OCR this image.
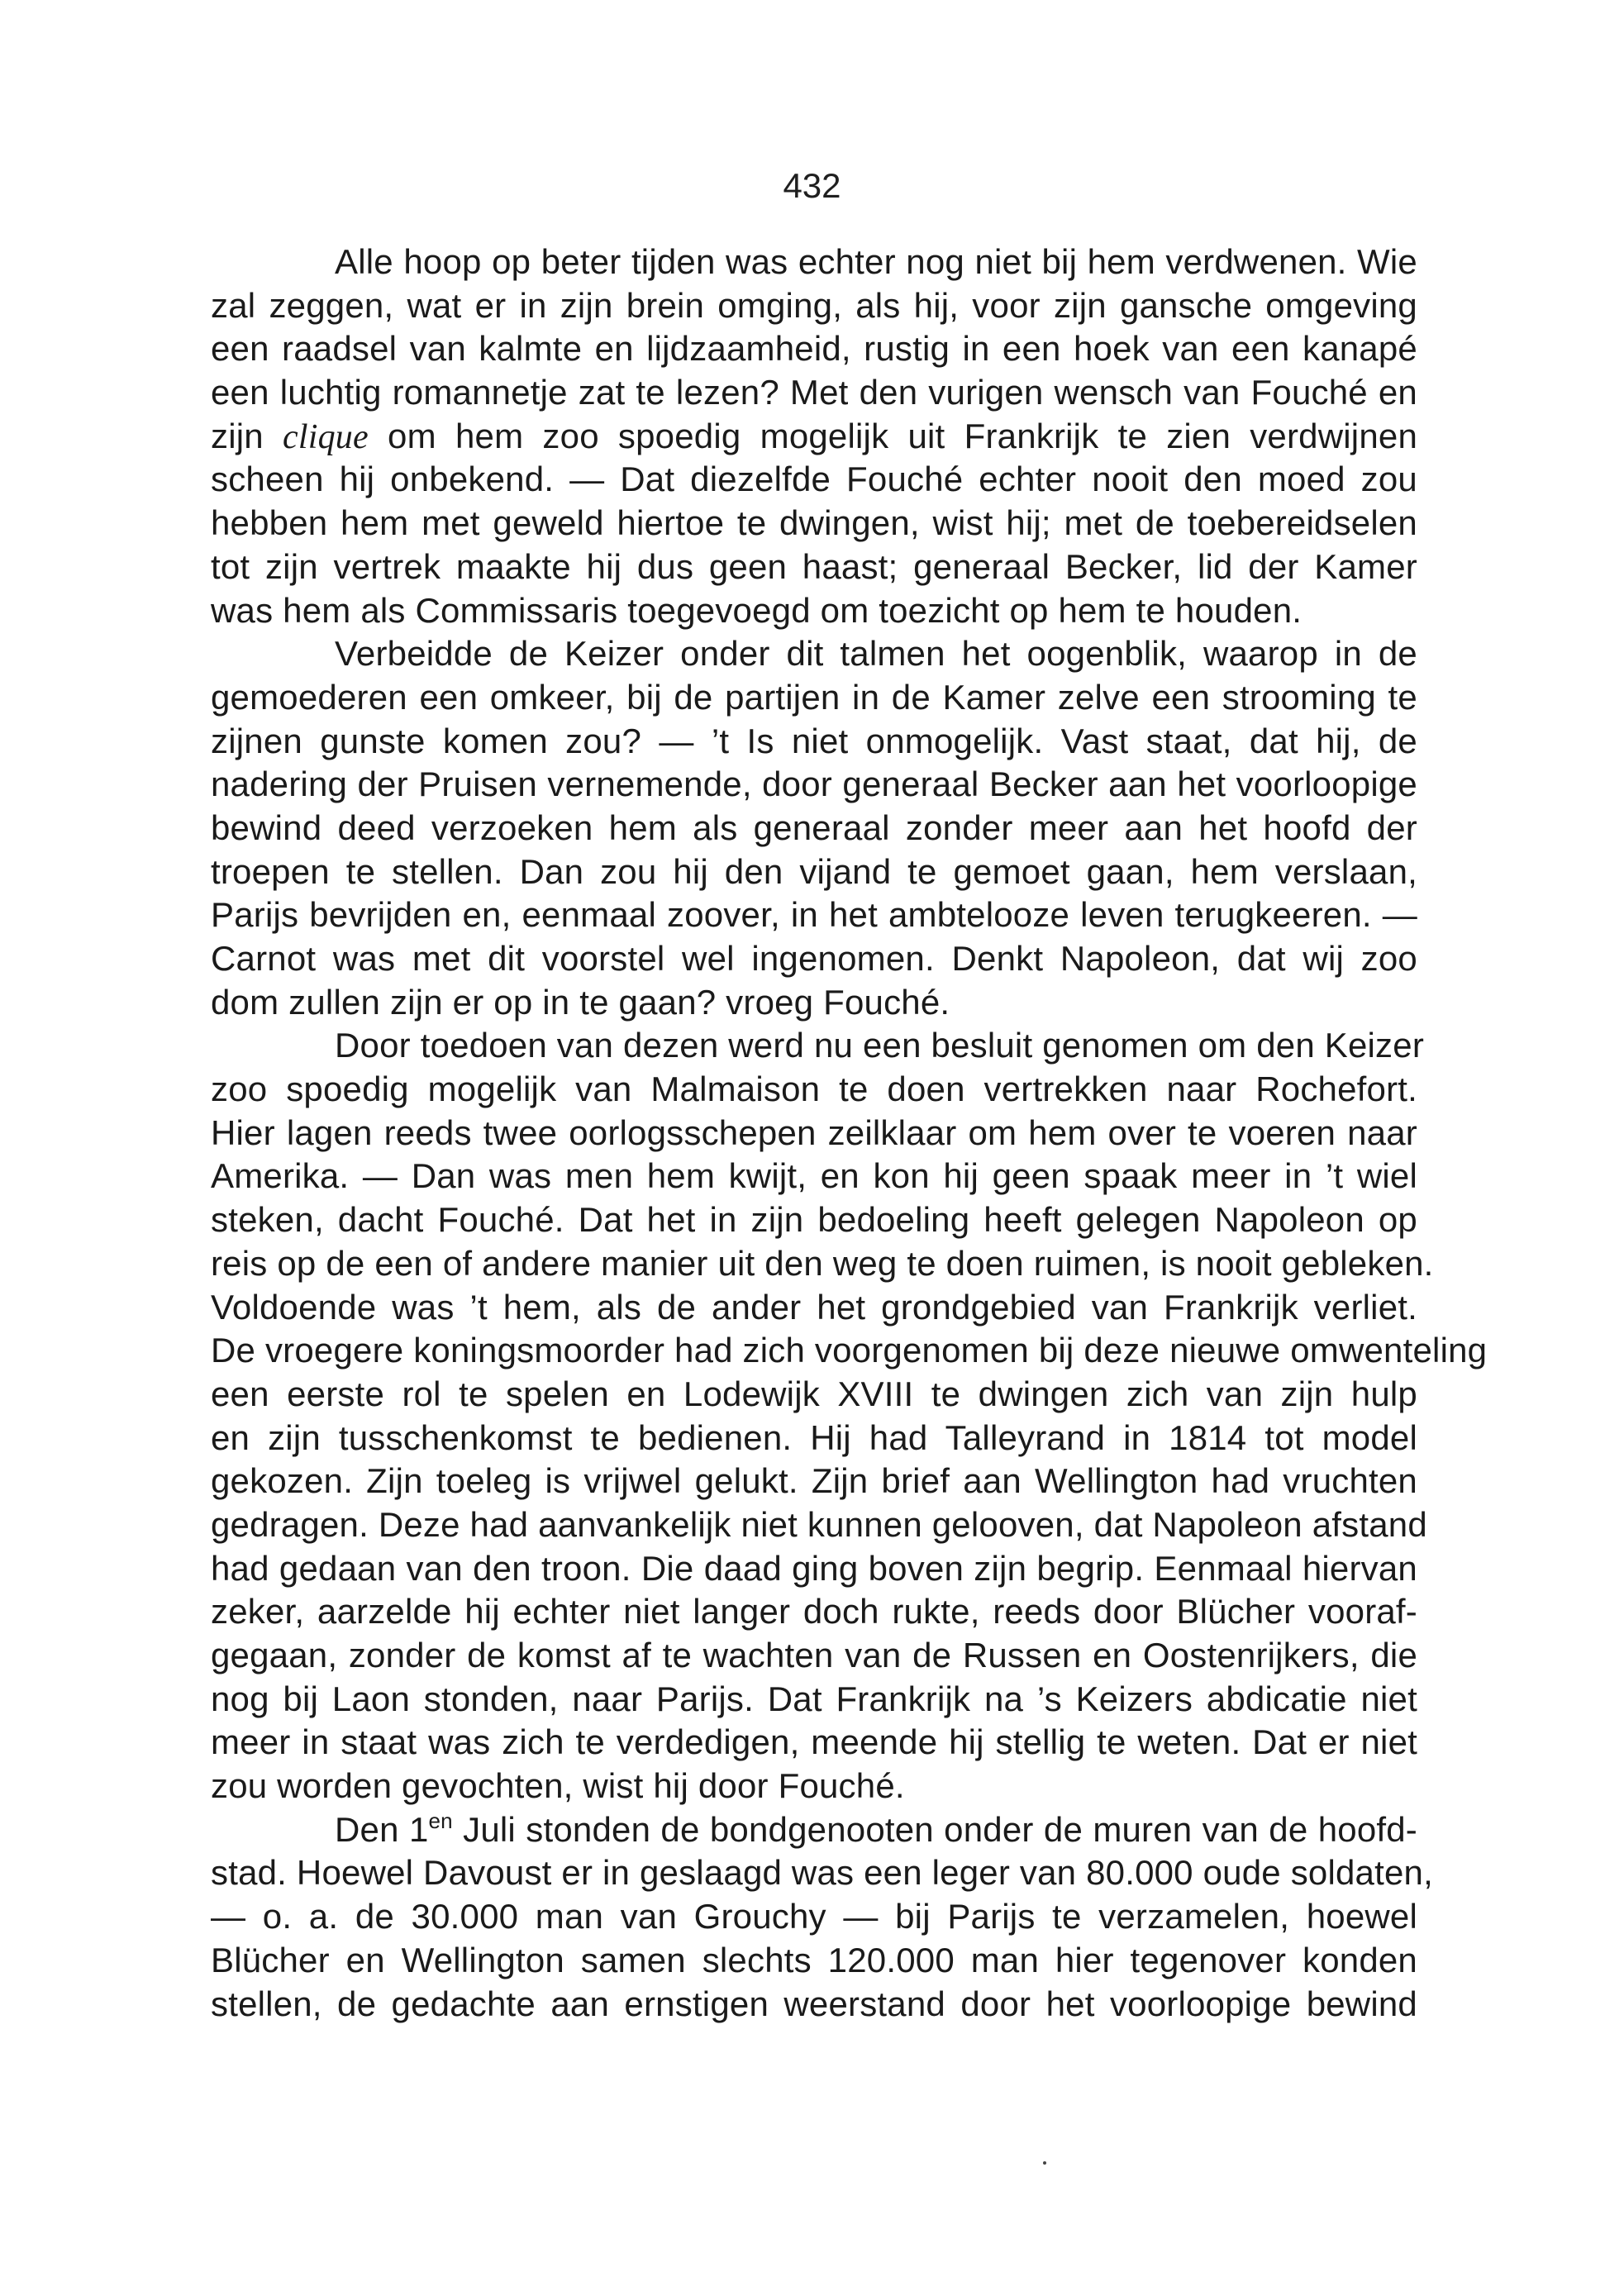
432
Alle hoop op beter tijden was echter nog niet bij hem verdwenen. Wie
zal zeggen, wat er in zijn brein omging, als hij, voor zijn gansche omgeving
een raadsel van kalmte en lijdzaamheid, rustig in een hoek van een kanapé
een luchtig romannetje zat te lezen? Met den vurigen wensch van Fouché en
zijn clique om hem zoo spoedig mogelijk uit Frankrijk te zien verdwijnen
scheen hij onbekend. — Dat diezelfde Fouché echter nooit den moed zou
hebben hem met geweld hiertoe te dwingen, wist hij; met de toebereidselen
tot zijn vertrek maakte hij dus geen haast; generaal Becker, lid der Kamer
was hem als Commissaris toegevoegd om toezicht op hem te houden.
Verbeidde de Keizer onder dit talmen het oogenblik, waarop in de
gemoederen een omkeer, bij de partijen in de Kamer zelve een strooming te
zijnen gunste komen zou? — ’t Is niet onmogelijk. Vast staat, dat hij, de
nadering der Pruisen vernemende, door generaal Becker aan het voorloopige
bewind deed verzoeken hem als generaal zonder meer aan het hoofd der
troepen te stellen. Dan zou hij den vijand te gemoet gaan, hem verslaan,
Parijs bevrijden en, eenmaal zoover, in het ambtelooze leven terugkeeren. —
Carnot was met dit voorstel wel ingenomen. Denkt Napoleon, dat wij zoo
dom zullen zijn er op in te gaan? vroeg Fouché.
Door toedoen van dezen werd nu een besluit genomen om den Keizer
zoo spoedig mogelijk van Malmaison te doen vertrekken naar Rochefort.
Hier lagen reeds twee oorlogsschepen zeilklaar om hem over te voeren naar
Amerika. — Dan was men hem kwijt, en kon hij geen spaak meer in ’t wiel
steken, dacht Fouché. Dat het in zijn bedoeling heeft gelegen Napoleon op
reis op de een of andere manier uit den weg te doen ruimen, is nooit gebleken.
Voldoende was ’t hem, als de ander het grondgebied van Frankrijk verliet.
De vroegere koningsmoorder had zich voorgenomen bij deze nieuwe omwenteling
een eerste rol te spelen en Lodewijk XVIII te dwingen zich van zijn hulp
en zijn tusschenkomst te bedienen. Hij had Talleyrand in 1814 tot model
gekozen. Zijn toeleg is vrijwel gelukt. Zijn brief aan Wellington had vruchten
gedragen. Deze had aanvankelijk niet kunnen gelooven, dat Napoleon afstand
had gedaan van den troon. Die daad ging boven zijn begrip. Eenmaal hiervan
zeker, aarzelde hij echter niet langer doch rukte, reeds door Blücher vooraf-
gegaan, zonder de komst af te wachten van de Russen en Oostenrijkers, die
nog bij Laon stonden, naar Parijs. Dat Frankrijk na ’s Keizers abdicatie niet
meer in staat was zich te verdedigen, meende hij stellig te weten. Dat er niet
zou worden gevochten, wist hij door Fouché.
Den $1^{en}$ Juli stonden de bondgenooten onder de muren van de hoofd-
stad. Hoewel Davoust er in geslaagd was een leger van 80.000 oude soldaten,
— o. a. de 30.000 man van Grouchy — bij Parijs te verzamelen, hoewel
Blücher en Wellington samen slechts 120.000 man hier tegenover konden
stellen, de gedachte aan ernstigen weerstand door het voorloopige bewind
